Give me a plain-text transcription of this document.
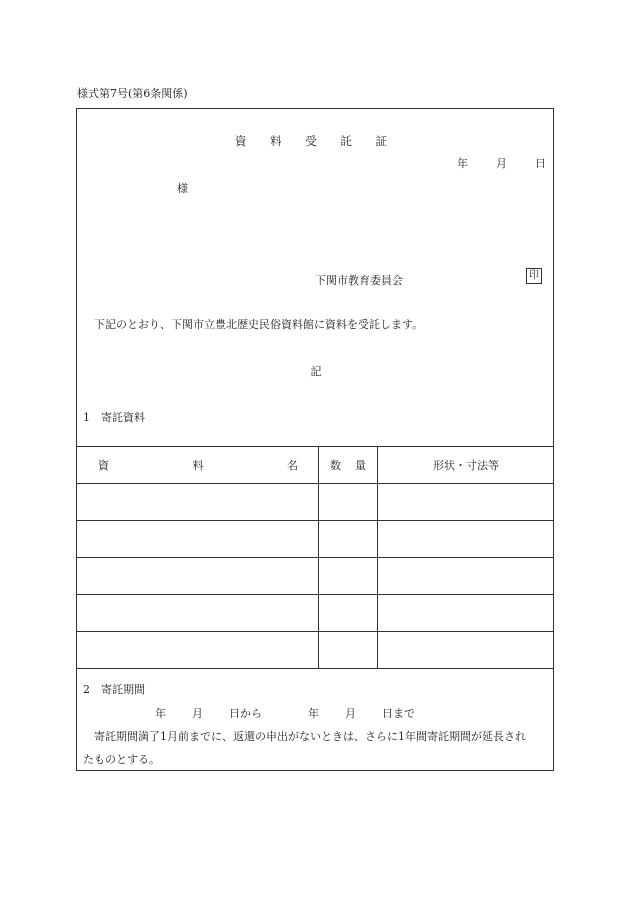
様式第7号(第6条関係)
資 料 受 託 証
年	月	日
様
下関市教育委員会	印
下記のとおり、下関市立豊北歴史民俗資料館に資料を受託します。
記
1　寄託資料
資 料 名	数 量	形状・寸法等

2　寄託期間
年 月 日から	年 月 日まで
寄託期間満了1月前までに、返還の申出がないときは、さらに1年間寄託期間が延長され
たものとする。
